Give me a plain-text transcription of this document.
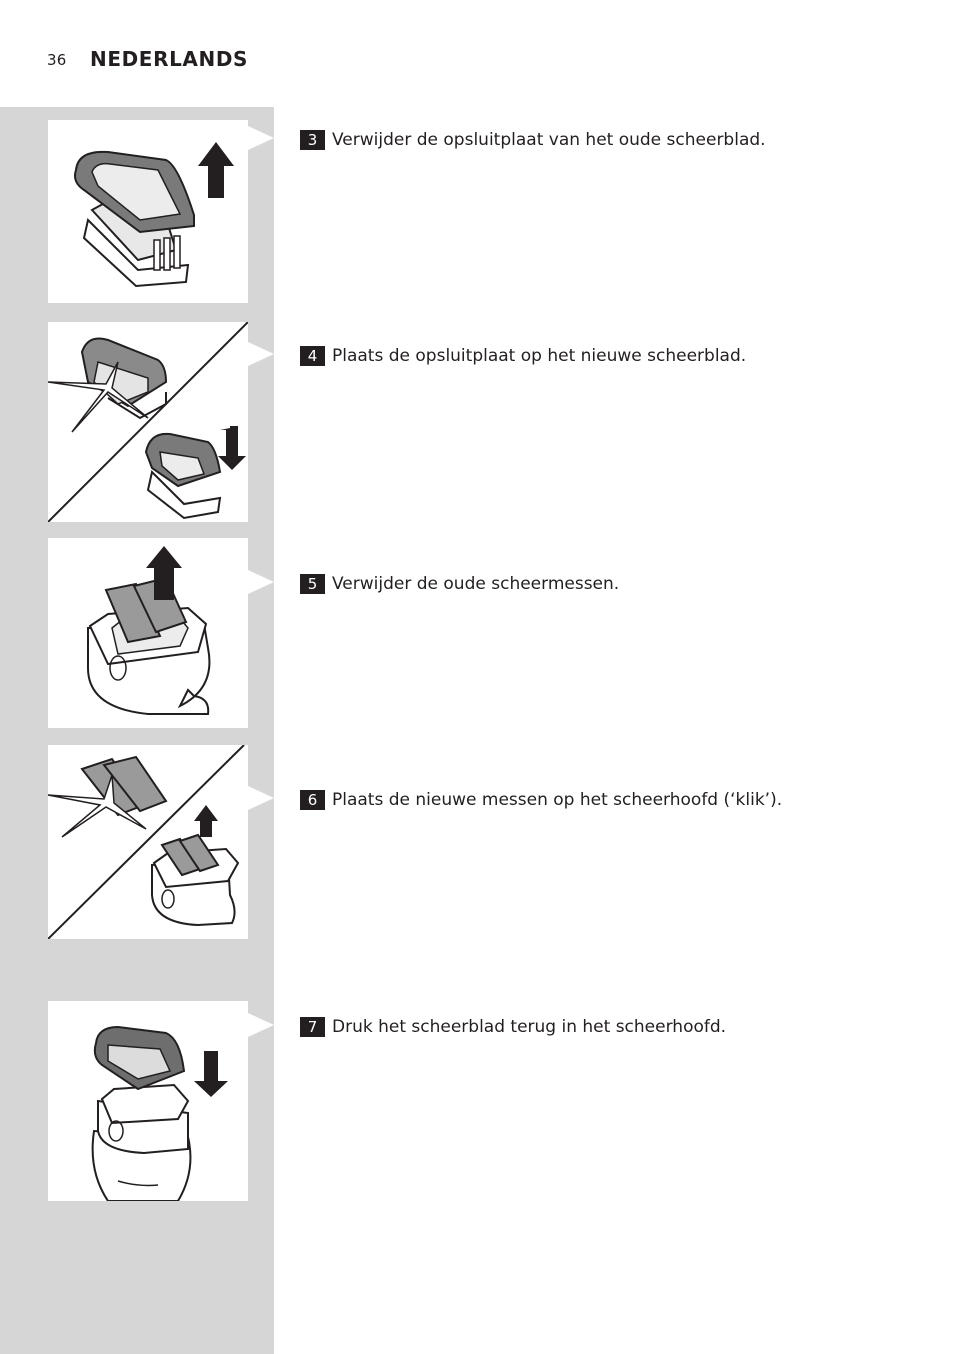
36 NEDERLANDS
3 Verwijder de opsluitplaat van het oude scheerblad.
4 Plaats de opsluitplaat op het nieuwe scheerblad.
5 Verwijder de oude scheermessen.
6 Plaats de nieuwe messen op het scheerhoofd (‘klik’).
7 Druk het scheerblad terug in het scheerhoofd.
